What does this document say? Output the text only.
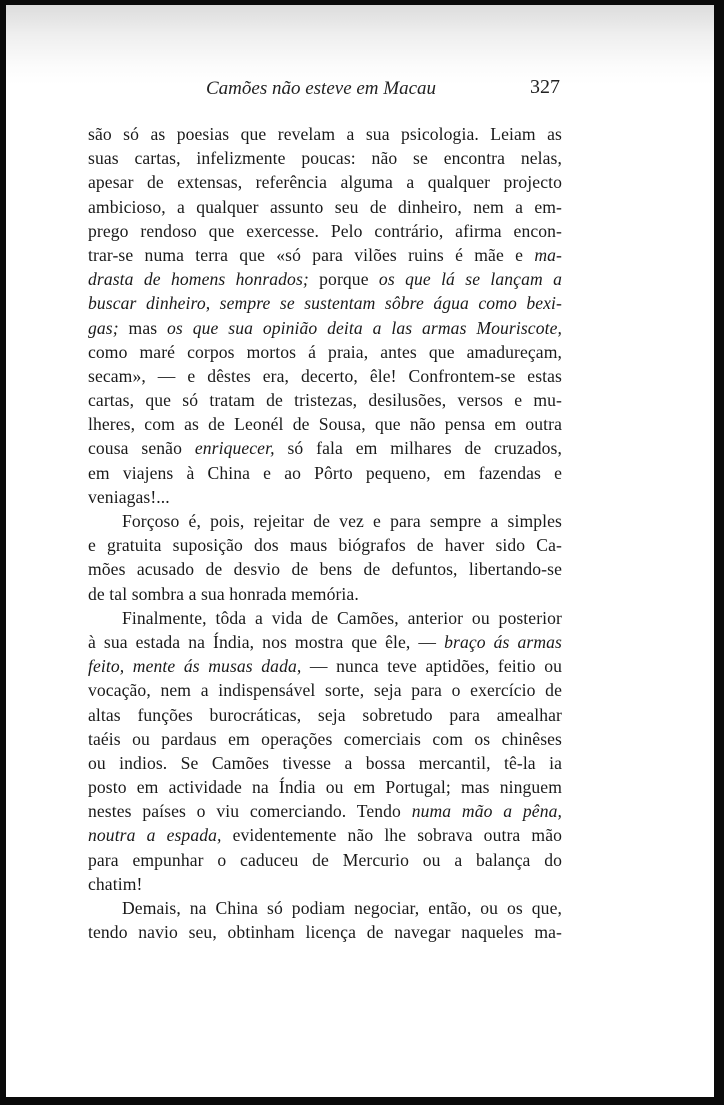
Camões não esteve em Macau	327
são só as poesias que revelam a sua psicologia. Leiam as
suas cartas, infelizmente poucas: não se encontra nelas,
apesar de extensas, referência alguma a qualquer projecto
ambicioso, a qualquer assunto seu de dinheiro, nem a em-
prego rendoso que exercesse. Pelo contrário, afirma encon-
trar-se numa terra que «só para vilões ruins é mãe e ma-
drasta de homens honrados; porque os que lá se lançam a
buscar dinheiro, sempre se sustentam sôbre água como bexi-
gas; mas os que sua opinião deita a las armas Mouriscote,
como maré corpos mortos á praia, antes que amadureçam,
secam», — e dêstes era, decerto, êle! Confrontem-se estas
cartas, que só tratam de tristezas, desilusões, versos e mu-
lheres, com as de Leonél de Sousa, que não pensa em outra
cousa senão enriquecer, só fala em milhares de cruzados,
em viajens à China e ao Pôrto pequeno, em fazendas e
veniagas!...
Forçoso é, pois, rejeitar de vez e para sempre a simples
e gratuita suposição dos maus biógrafos de haver sido Ca-
mões acusado de desvio de bens de defuntos, libertando-se
de tal sombra a sua honrada memória.
Finalmente, tôda a vida de Camões, anterior ou posterior
à sua estada na Índia, nos mostra que êle, — braço ás armas
feito, mente ás musas dada, — nunca teve aptidões, feitio ou
vocação, nem a indispensável sorte, seja para o exercício de
altas funções burocráticas, seja sobretudo para amealhar
taéis ou pardaus em operações comerciais com os chinêses
ou indios. Se Camões tivesse a bossa mercantil, tê-la ia
posto em actividade na Índia ou em Portugal; mas ninguem
nestes países o viu comerciando. Tendo numa mão a pêna,
noutra a espada, evidentemente não lhe sobrava outra mão
para empunhar o caduceu de Mercurio ou a balança do
chatim!
Demais, na China só podiam negociar, então, ou os que,
tendo navio seu, obtinham licença de navegar naqueles ma-
